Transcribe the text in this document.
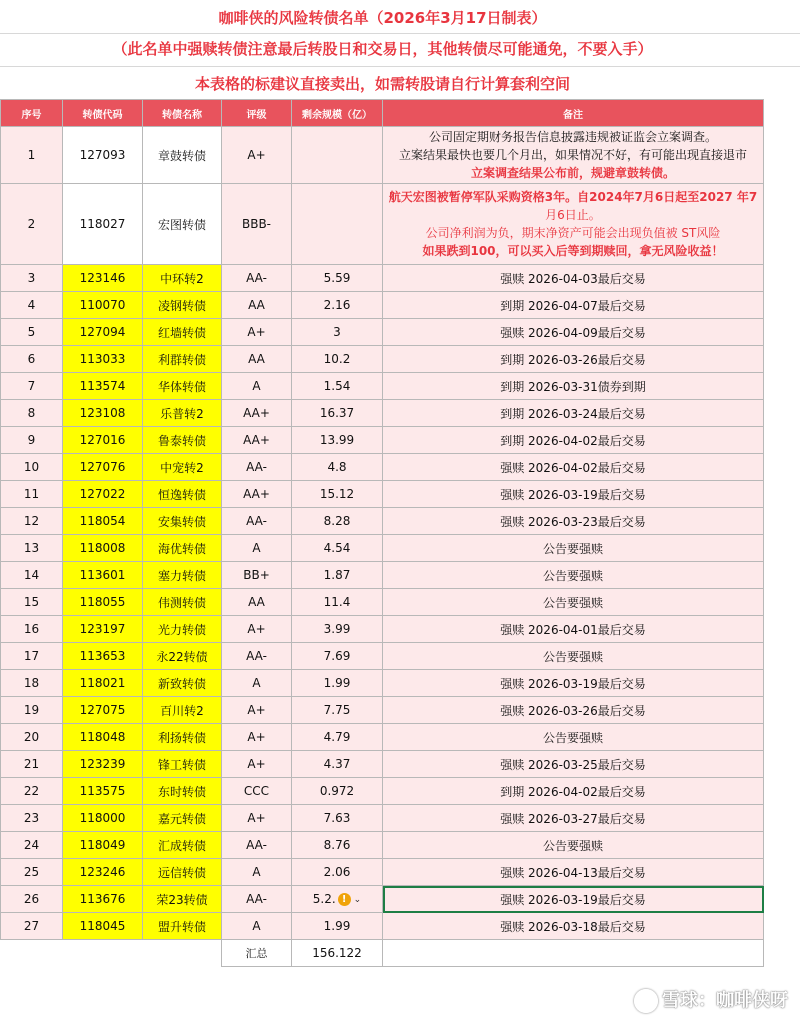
咖啡侠的风险转债名单（2026年3月17日制表）
（此名单中强赎转债注意最后转股日和交易日，其他转债尽可能通免，不要入手）
本表格的标建议直接卖出，如需转股请自行计算套利空间
序号	转债代码	转债名称	评级	剩余规模（亿）	备注
1	127093	章鼓转债	A+		公司固定期财务报告信息披露违规被证监会立案调查。
立案结果最快也要几个月出，如果情况不好，有可能出现直接退市
立案调查结果公布前，规避章鼓转债。

2	118027	宏图转债	BBB-		航天宏图被暂停军队采购资格3年。自2024年7月6日起至2027 年7
月6日止。
公司净利润为负，期末净资产可能会出现负值被 ST风险
如果跌到100，可以买入后等到期赎回，拿无风险收益！

3	123146	中环转2	AA-	5.59	强赎 2026-04-03最后交易
4	110070	凌钢转债	AA	2.16	到期 2026-04-07最后交易
5	127094	红墙转债	A+	3	强赎 2026-04-09最后交易
6	113033	利群转债	AA	10.2	到期 2026-03-26最后交易
7	113574	华体转债	A	1.54	到期 2026-03-31债券到期
8	123108	乐普转2	AA+	16.37	到期 2026-03-24最后交易
9	127016	鲁泰转债	AA+	13.99	到期 2026-04-02最后交易
10	127076	中宠转2	AA-	4.8	强赎 2026-04-02最后交易
11	127022	恒逸转债	AA+	15.12	强赎 2026-03-19最后交易
12	118054	安集转债	AA-	8.28	强赎 2026-03-23最后交易
13	118008	海优转债	A	4.54	公告要强赎
14	113601	塞力转债	BB+	1.87	公告要强赎
15	118055	伟测转债	AA	11.4	公告要强赎
16	123197	光力转债	A+	3.99	强赎 2026-04-01最后交易
17	113653	永22转债	AA-	7.69	公告要强赎
18	118021	新致转债	A	1.99	强赎 2026-03-19最后交易
19	127075	百川转2	A+	7.75	强赎 2026-03-26最后交易
20	118048	利扬转债	A+	4.79	公告要强赎
21	123239	锋工转债	A+	4.37	强赎 2026-03-25最后交易
22	113575	东时转债	CCC	0.972	到期 2026-04-02最后交易
23	118000	嘉元转债	A+	7.63	强赎 2026-03-27最后交易
24	118049	汇成转债	AA-	8.76	公告要强赎
25	123246	远信转债	A	2.06	强赎 2026-04-13最后交易
26	113676	荣23转债	AA-	5.2. ! ⌄	强赎 2026-03-19最后交易
27	118045	盟升转债	A	1.99	强赎 2026-03-18最后交易
			汇总	156.122	
雪球：咖啡侠呀
